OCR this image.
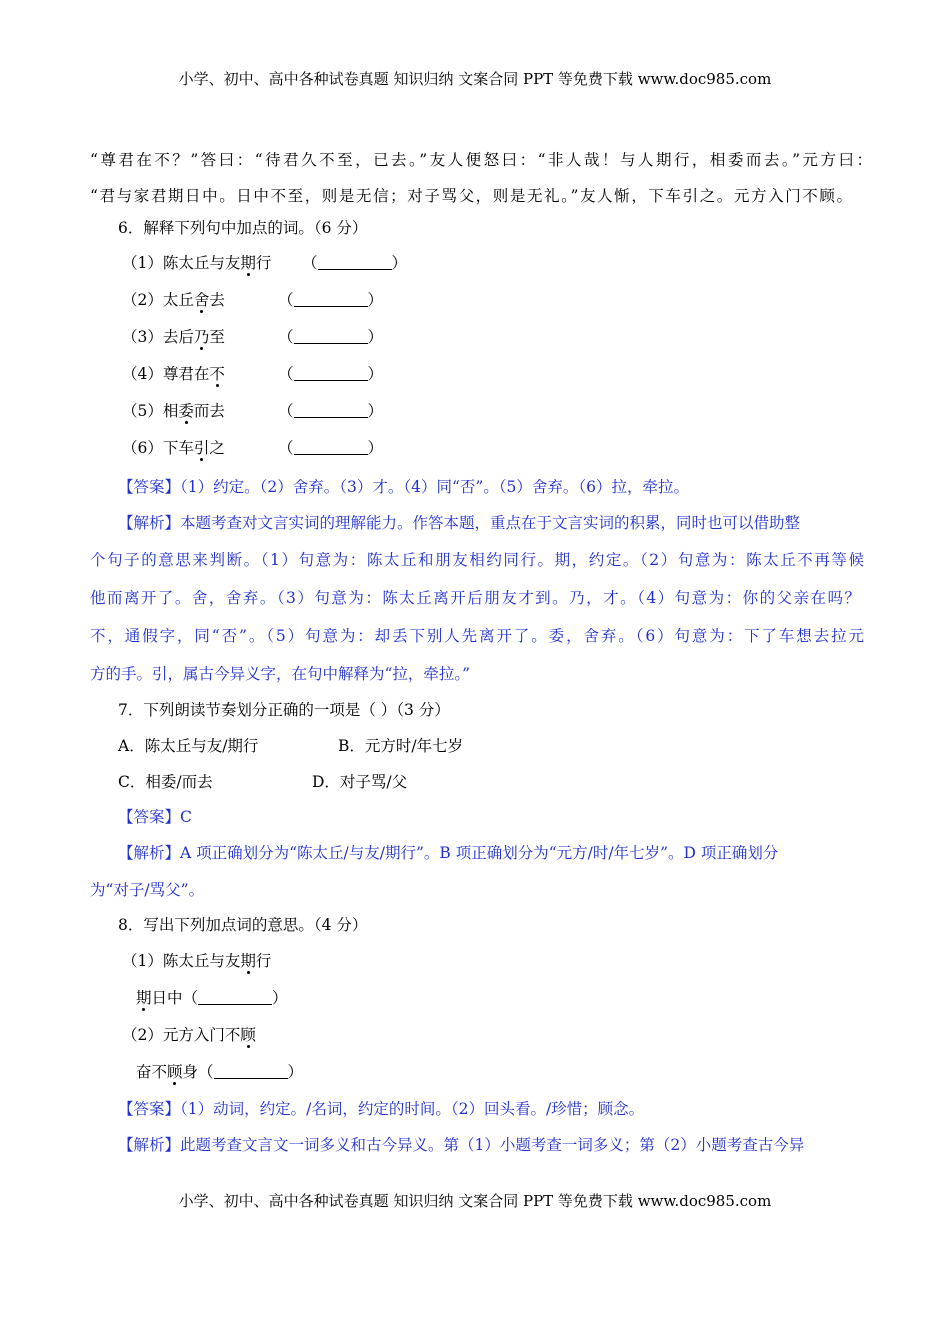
小学、初中、高中各种试卷真题 知识归纳 文案合同 PPT 等免费下载 www.doc985.com
“尊君在不？”答曰：“待君久不至，已去。”友人便怒曰：“非人哉！与人期行，相委而去。”元方曰：
“君与家君期日中。日中不至，则是无信；对子骂父，则是无礼。”友人惭，下车引之。元方入门不顾。
6．解释下列句中加点的词。（6 分）
（1）陈太丘与友期行 （	）
（2）太丘舍去	（	）
（3）去后乃至	（	）
（4）尊君在不	（	）
（5）相委而去	（	）
（6）下车引之	（	）
【答案】（1）约定。（2）舍弃。（3）才。（4）同“否”。（5）舍弃。（6）拉，牵拉。
【解析】本题考查对文言实词的理解能力。作答本题，重点在于文言实词的积累，同时也可以借助整
个句子的意思来判断。（1）句意为：陈太丘和朋友相约同行。期，约定。（2）句意为：陈太丘不再等候
他而离开了。舍，舍弃。（3）句意为：陈太丘离开后朋友才到。乃，才。（4）句意为：你的父亲在吗？
不，通假字，同“否”。（5）句意为：却丢下别人先离开了。委，舍弃。（6）句意为：下了车想去拉元
方的手。引，属古今异义字，在句中解释为“拉，牵拉。”
7．下列朗读节奏划分正确的一项是（ ）（3 分）
A．陈太丘与友/期行	B．元方时/年七岁
C．相委/而去	D．对子骂/父
【答案】C
【解析】A 项正确划分为“陈太丘/与友/期行”。B 项正确划分为“元方/时/年七岁”。D 项正确划分
为“对子/骂父”。
8．写出下列加点词的意思。（4 分）
（1）陈太丘与友期行
期日中（	）
（2）元方入门不顾
奋不顾身（	）
【答案】（1）动词，约定。/名词，约定的时间。（2）回头看。/珍惜；顾念。
【解析】此题考查文言文一词多义和古今异义。第（1）小题考查一词多义；第（2）小题考查古今异
小学、初中、高中各种试卷真题 知识归纳 文案合同 PPT 等免费下载 www.doc985.com
